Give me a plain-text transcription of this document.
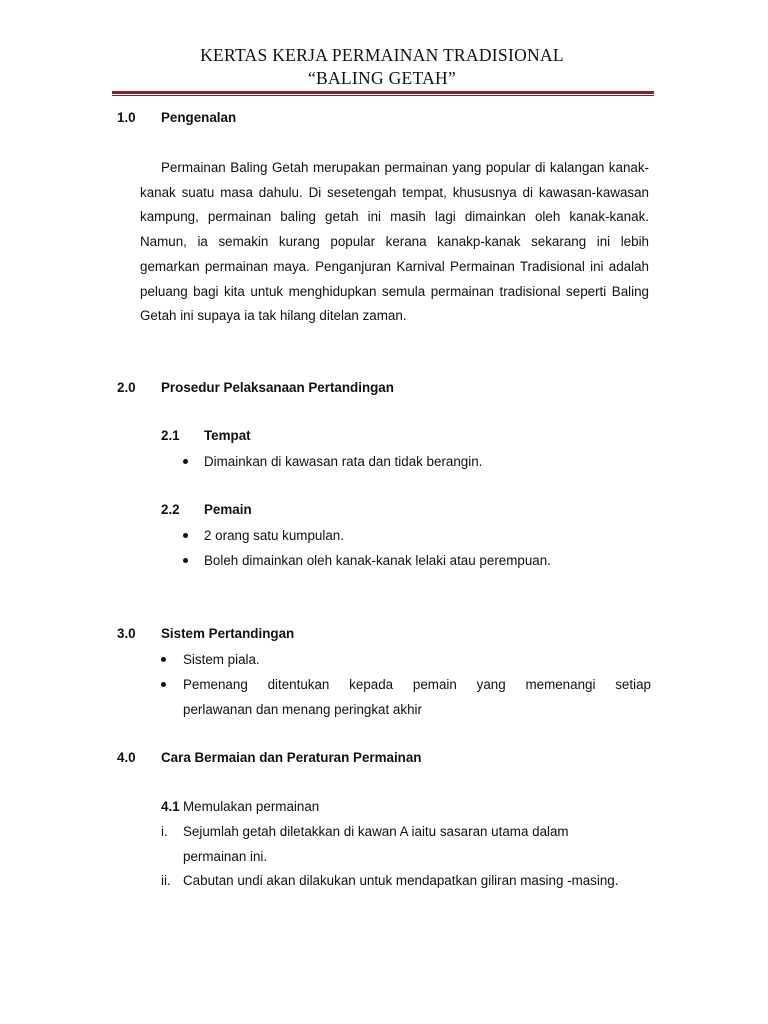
KERTAS KERJA PERMAINAN TRADISIONAL
“BALING GETAH”
1.0 Pengenalan

Permainan Baling Getah merupakan permainan yang popular di kalangan kanak-kanak suatu masa dahulu. Di sesetengah tempat, khususnya di kawasan-kawasan kampung, permainan baling getah ini masih lagi dimainkan oleh kanak-kanak. Namun, ia semakin kurang popular kerana kanakp-kanak sekarang ini lebih gemarkan permainan maya. Penganjuran Karnival Permainan Tradisional ini adalah peluang bagi kita untuk menghidupkan semula permainan tradisional seperti Baling Getah ini supaya ia tak hilang ditelan zaman.

2.0 Prosedur Pelaksanaan Pertandingan
2.1 Tempat
Dimainkan di kawasan rata dan tidak berangin.
2.2 Pemain
2 orang satu kumpulan.
Boleh dimainkan oleh kanak-kanak lelaki atau perempuan.
3.0 Sistem Pertandingan
Sistem piala.
Pemenang ditentukan kepada pemain yang memenangi setiap
perlawanan dan menang peringkat akhir
4.0 Cara Bermaian dan Peraturan Permainan
4.1 Memulakan permainan
i. Sejumlah getah diletakkan di kawan A iaitu sasaran utama dalam
permainan ini.
ii. Cabutan undi akan dilakukan untuk mendapatkan giliran masing -masing.
